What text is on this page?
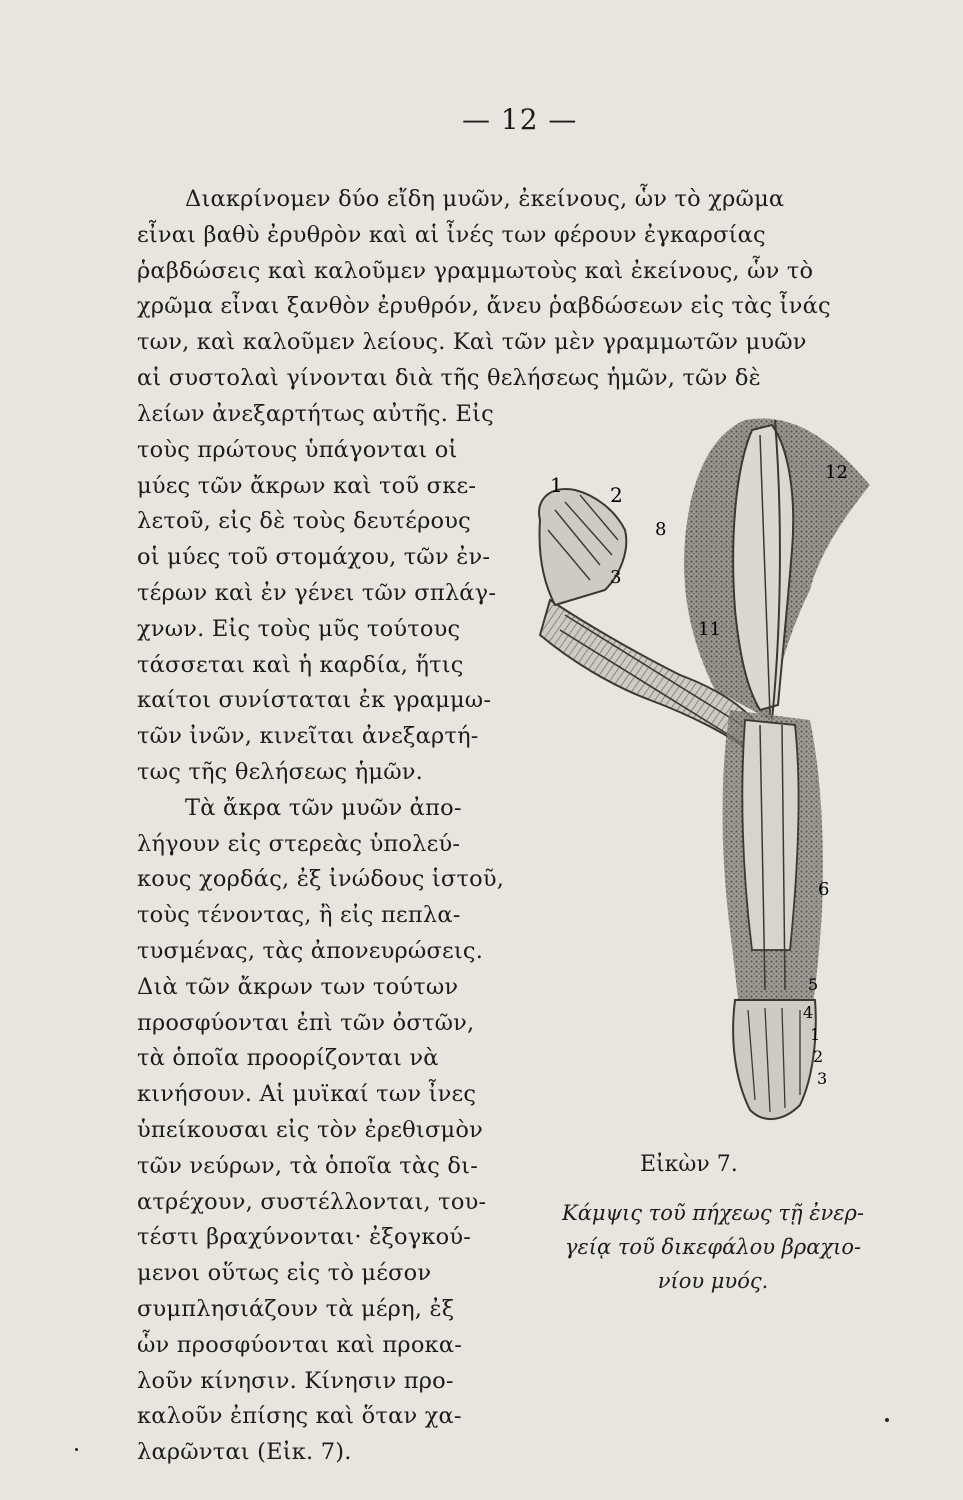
— 12 —
Διακρίνομεν δύο εἴδη μυῶν, ἐκείνους, ὧν τὸ χρῶμα
εἶναι βαθὺ ἐρυθρὸν καὶ αἱ ἶνές των φέρουν ἐγκαρσίας
ῥαβδώσεις καὶ καλοῦμεν γραμμωτοὺς καὶ ἐκείνους, ὧν τὸ
χρῶμα εἶναι ξανθὸν ἐρυθρόν, ἄνευ ῥαβδώσεων εἰς τὰς ἶνάς
των, καὶ καλοῦμεν λείους. Καὶ τῶν μὲν γραμμωτῶν μυῶν
αἱ συστολαὶ γίνονται διὰ τῆς θελήσεως ἡμῶν, τῶν δὲ
λείων ἀνεξαρτήτως αὐτῆς. Εἰς
τοὺς πρώτους ὑπάγονται οἱ
μύες τῶν ἄκρων καὶ τοῦ σκε-
λετοῦ, εἰς δὲ τοὺς δευτέρους
οἱ μύες τοῦ στομάχου, τῶν ἐν-
τέρων καὶ ἐν γένει τῶν σπλάγ-
χνων. Εἰς τοὺς μῦς τούτους
τάσσεται καὶ ἡ καρδία, ἥτις
καίτοι συνίσταται ἐκ γραμμω-
τῶν ἰνῶν, κινεῖται ἀνεξαρτή-
τως τῆς θελήσεως ἡμῶν.
Τὰ ἄκρα τῶν μυῶν ἀπο-
λήγουν εἰς στερεὰς ὑπολεύ-
κους χορδάς, ἐξ ἰνώδους ἱστοῦ,
τοὺς τένοντας, ἢ εἰς πεπλα-
τυσμένας, τὰς ἀπονευρώσεις.
Διὰ τῶν ἄκρων των τούτων
προσφύονται ἐπὶ τῶν ὀστῶν,
τὰ ὁποῖα προορίζονται νὰ
κινήσουν. Αἱ μυϊκαί των ἶνες
ὑπείκουσαι εἰς τὸν ἐρεθισμὸν
τῶν νεύρων, τὰ ὁποῖα τὰς δι-
ατρέχουν, συστέλλονται, του-
τέστι βραχύνονται· ἐξογκού-
μενοι οὕτως εἰς τὸ μέσον
συμπλησιάζουν τὰ μέρη, ἐξ
ὧν προσφύονται καὶ προκα-
λοῦν κίνησιν. Κίνησιν προ-
καλοῦν ἐπίσης καὶ ὅταν χα-
λαρῶνται (Εἰκ. 7).
1 2
3
8
11
12
6
5
4
1
2
3
Εἰκὼν 7.
Κάμψις τοῦ πήχεως τῇ ἐνερ-
γείᾳ τοῦ δικεφάλου βραχιο-
νίου μυός.
